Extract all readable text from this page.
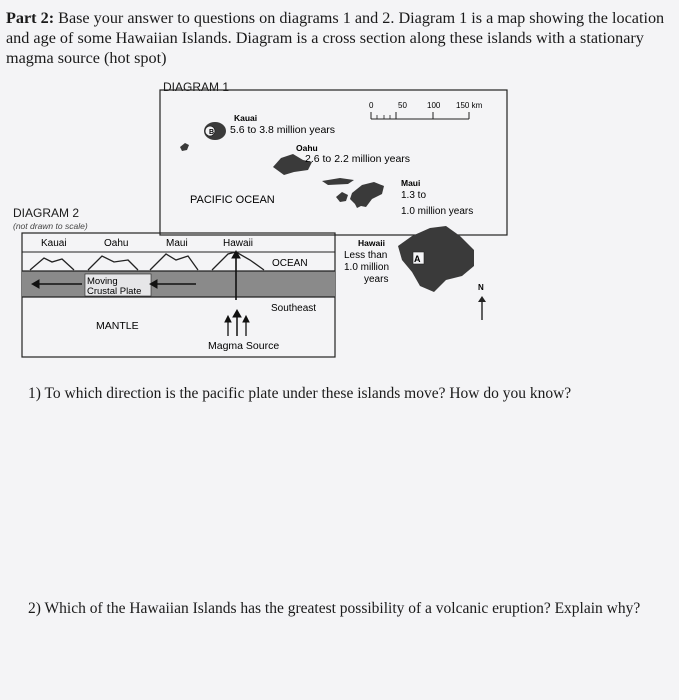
Part 2: Base your answer to questions on diagrams 1 and 2. Diagram 1 is a map showing the location and age of some Hawaiian Islands. Diagram is a cross section along these islands with a stationary magma source (hot spot)
DIAGRAM 1
DIAGRAM 2
(not drawn to scale)
0	50	100 150 km
B
Kauai
5.6 to 3.8 million years
Oahu
2.6 to 2.2 million years
Maui
1.3 to
1.0 million years
A
Hawaii
Less than
1.0 million
years
PACIFIC OCEAN
N
Kauai	Oahu	Maui	Hawaii
OCEAN
Moving
Crustal Plate
Southeast
MANTLE
Magma Source
1) To which direction is the pacific plate under these islands move? How do you know?
2) Which of the Hawaiian Islands has the greatest possibility of a volcanic eruption? Explain why?
